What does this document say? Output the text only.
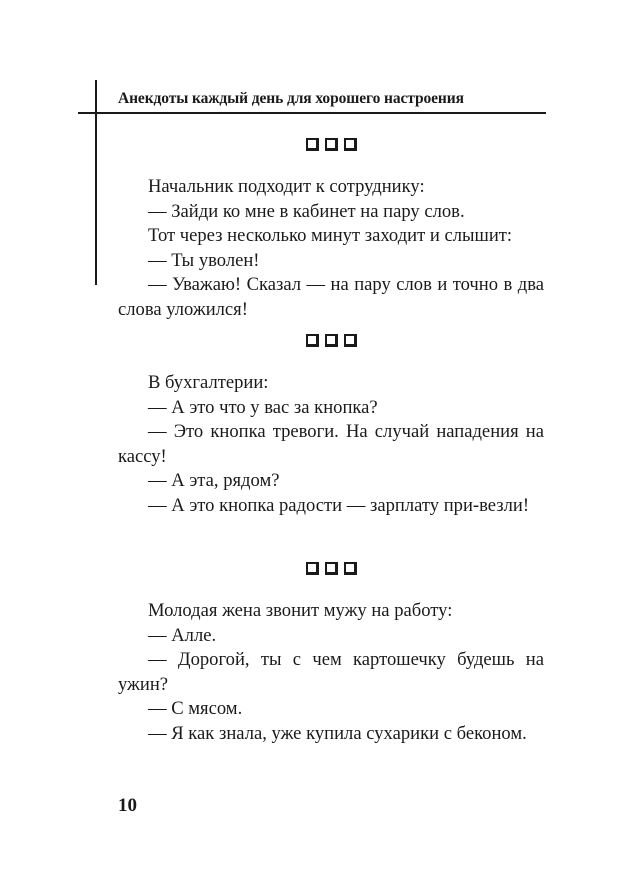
Анекдоты каждый день для хорошего настроения

Начальник подходит к сотруднику:

— Зайди ко мне в кабинет на пару слов.

Тот через несколько минут заходит и слышит:

— Ты уволен!

— Уважаю! Сказал — на пару слов и точно в два слова уложился!

В бухгалтерии:

— А это что у вас за кнопка?

— Это кнопка тревоги. На случай нападения на кассу!

— А эта, рядом?

— А это кнопка радости — зарплату при-везли!

Молодая жена звонит мужу на работу:

— Алле.

— Дорогой, ты с чем картошечку будешь на ужин?

— С мясом.

— Я как знала, уже купила сухарики с беконом.

10
